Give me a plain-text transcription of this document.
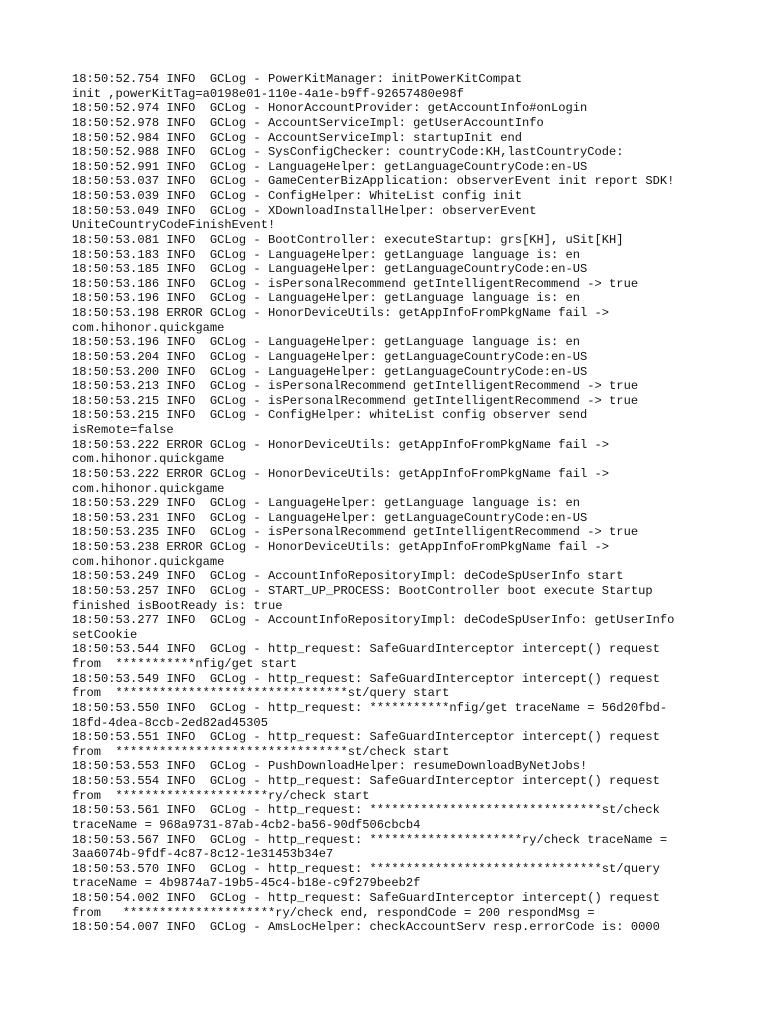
18:50:52.754 INFO  GCLog - PowerKitManager: initPowerKitCompat
init ,powerKitTag=a0198e01-110e-4a1e-b9ff-92657480e98f
18:50:52.974 INFO  GCLog - HonorAccountProvider: getAccountInfo#onLogin
18:50:52.978 INFO  GCLog - AccountServiceImpl: getUserAccountInfo
18:50:52.984 INFO  GCLog - AccountServiceImpl: startupInit end
18:50:52.988 INFO  GCLog - SysConfigChecker: countryCode:KH,lastCountryCode:
18:50:52.991 INFO  GCLog - LanguageHelper: getLanguageCountryCode:en-US
18:50:53.037 INFO  GCLog - GameCenterBizApplication: observerEvent init report SDK!
18:50:53.039 INFO  GCLog - ConfigHelper: WhiteList config init
18:50:53.049 INFO  GCLog - XDownloadInstallHelper: observerEvent
UniteCountryCodeFinishEvent!
18:50:53.081 INFO  GCLog - BootController: executeStartup: grs[KH], uSit[KH]
18:50:53.183 INFO  GCLog - LanguageHelper: getLanguage language is: en
18:50:53.185 INFO  GCLog - LanguageHelper: getLanguageCountryCode:en-US
18:50:53.186 INFO  GCLog - isPersonalRecommend getIntelligentRecommend -> true
18:50:53.196 INFO  GCLog - LanguageHelper: getLanguage language is: en
18:50:53.198 ERROR GCLog - HonorDeviceUtils: getAppInfoFromPkgName fail ->
com.hihonor.quickgame
18:50:53.196 INFO  GCLog - LanguageHelper: getLanguage language is: en
18:50:53.204 INFO  GCLog - LanguageHelper: getLanguageCountryCode:en-US
18:50:53.200 INFO  GCLog - LanguageHelper: getLanguageCountryCode:en-US
18:50:53.213 INFO  GCLog - isPersonalRecommend getIntelligentRecommend -> true
18:50:53.215 INFO  GCLog - isPersonalRecommend getIntelligentRecommend -> true
18:50:53.215 INFO  GCLog - ConfigHelper: whiteList config observer send
isRemote=false
18:50:53.222 ERROR GCLog - HonorDeviceUtils: getAppInfoFromPkgName fail ->
com.hihonor.quickgame
18:50:53.222 ERROR GCLog - HonorDeviceUtils: getAppInfoFromPkgName fail ->
com.hihonor.quickgame
18:50:53.229 INFO  GCLog - LanguageHelper: getLanguage language is: en
18:50:53.231 INFO  GCLog - LanguageHelper: getLanguageCountryCode:en-US
18:50:53.235 INFO  GCLog - isPersonalRecommend getIntelligentRecommend -> true
18:50:53.238 ERROR GCLog - HonorDeviceUtils: getAppInfoFromPkgName fail ->
com.hihonor.quickgame
18:50:53.249 INFO  GCLog - AccountInfoRepositoryImpl: deCodeSpUserInfo start
18:50:53.257 INFO  GCLog - START_UP_PROCESS: BootController boot execute Startup
finished isBootReady is: true
18:50:53.277 INFO  GCLog - AccountInfoRepositoryImpl: deCodeSpUserInfo: getUserInfo
setCookie
18:50:53.544 INFO  GCLog - http_request: SafeGuardInterceptor intercept() request
from  ***********nfig/get start
18:50:53.549 INFO  GCLog - http_request: SafeGuardInterceptor intercept() request
from  ********************************st/query start
18:50:53.550 INFO  GCLog - http_request: ***********nfig/get traceName = 56d20fbd-
18fd-4dea-8ccb-2ed82ad45305
18:50:53.551 INFO  GCLog - http_request: SafeGuardInterceptor intercept() request
from  ********************************st/check start
18:50:53.553 INFO  GCLog - PushDownloadHelper: resumeDownloadByNetJobs!
18:50:53.554 INFO  GCLog - http_request: SafeGuardInterceptor intercept() request
from  *********************ry/check start
18:50:53.561 INFO  GCLog - http_request: ********************************st/check
traceName = 968a9731-87ab-4cb2-ba56-90df506cbcb4
18:50:53.567 INFO  GCLog - http_request: *********************ry/check traceName =
3aa6074b-9fdf-4c87-8c12-1e31453b34e7
18:50:53.570 INFO  GCLog - http_request: ********************************st/query
traceName = 4b9874a7-19b5-45c4-b18e-c9f279beeb2f
18:50:54.002 INFO  GCLog - http_request: SafeGuardInterceptor intercept() request
from   *********************ry/check end, respondCode = 200 respondMsg =
18:50:54.007 INFO  GCLog - AmsLocHelper: checkAccountServ resp.errorCode is: 0000
